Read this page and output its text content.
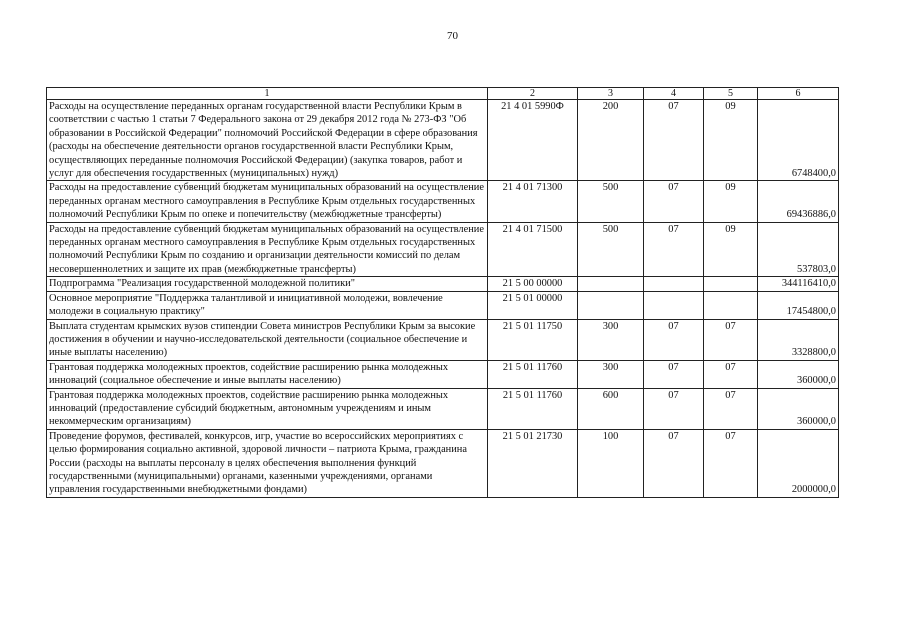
70
1	2	3	4	5	6
Расходы на осуществление переданных органам государственной власти Республики Крым в соответствии с частью 1 статьи 7 Федерального закона от 29 декабря 2012 года № 273-ФЗ "Об образовании в Российской Федерации" полномочий Российской Федерации в сфере образования (расходы на обеспечение деятельности органов государственной власти Республики Крым, осуществляющих переданные полномочия Российской Федерации) (закупка товаров, работ и услуг для обеспечения государственных (муниципальных) нужд)	21 4 01 5990Ф	200	07	09	6748400,0
Расходы на предоставление субвенций бюджетам муниципальных образований на осуществление переданных органам местного самоуправления в Республике Крым отдельных государственных полномочий Республики Крым по опеке и попечительству (межбюджетные трансферты)	21 4 01 71300	500	07	09	69436886,0
Расходы на предоставление субвенций бюджетам муниципальных образований на осуществление переданных органам местного самоуправления в Республике Крым отдельных государственных полномочий Республики Крым по созданию и организации деятельности комиссий по делам несовершеннолетних и защите их прав (межбюджетные трансферты)	21 4 01 71500	500	07	09	537803,0
Подпрограмма "Реализация государственной молодежной политики"	21 5 00 00000				344116410,0
Основное мероприятие "Поддержка талантливой и инициативной молодежи, вовлечение молодежи в социальную практику"	21 5 01 00000				17454800,0
Выплата студентам крымских вузов стипендии Совета министров Республики Крым за высокие достижения в обучении и научно-исследовательской деятельности (социальное обеспечение и иные выплаты населению)	21 5 01 11750	300	07	07	3328800,0
Грантовая поддержка молодежных проектов, содействие расширению рынка молодежных инноваций (социальное обеспечение и иные выплаты населению)	21 5 01 11760	300	07	07	360000,0
Грантовая поддержка молодежных проектов, содействие расширению рынка молодежных инноваций (предоставление субсидий бюджетным, автономным учреждениям и иным некоммерческим организациям)	21 5 01 11760	600	07	07	360000,0
Проведение форумов, фестивалей, конкурсов, игр, участие во всероссийских мероприятиях с целью формирования социально активной, здоровой личности – патриота Крыма, гражданина России (расходы на выплаты персоналу в целях обеспечения выполнения функций государственными (муниципальными) органами, казенными учреждениями, органами управления государственными внебюджетными фондами)	21 5 01 21730	100	07	07	2000000,0
